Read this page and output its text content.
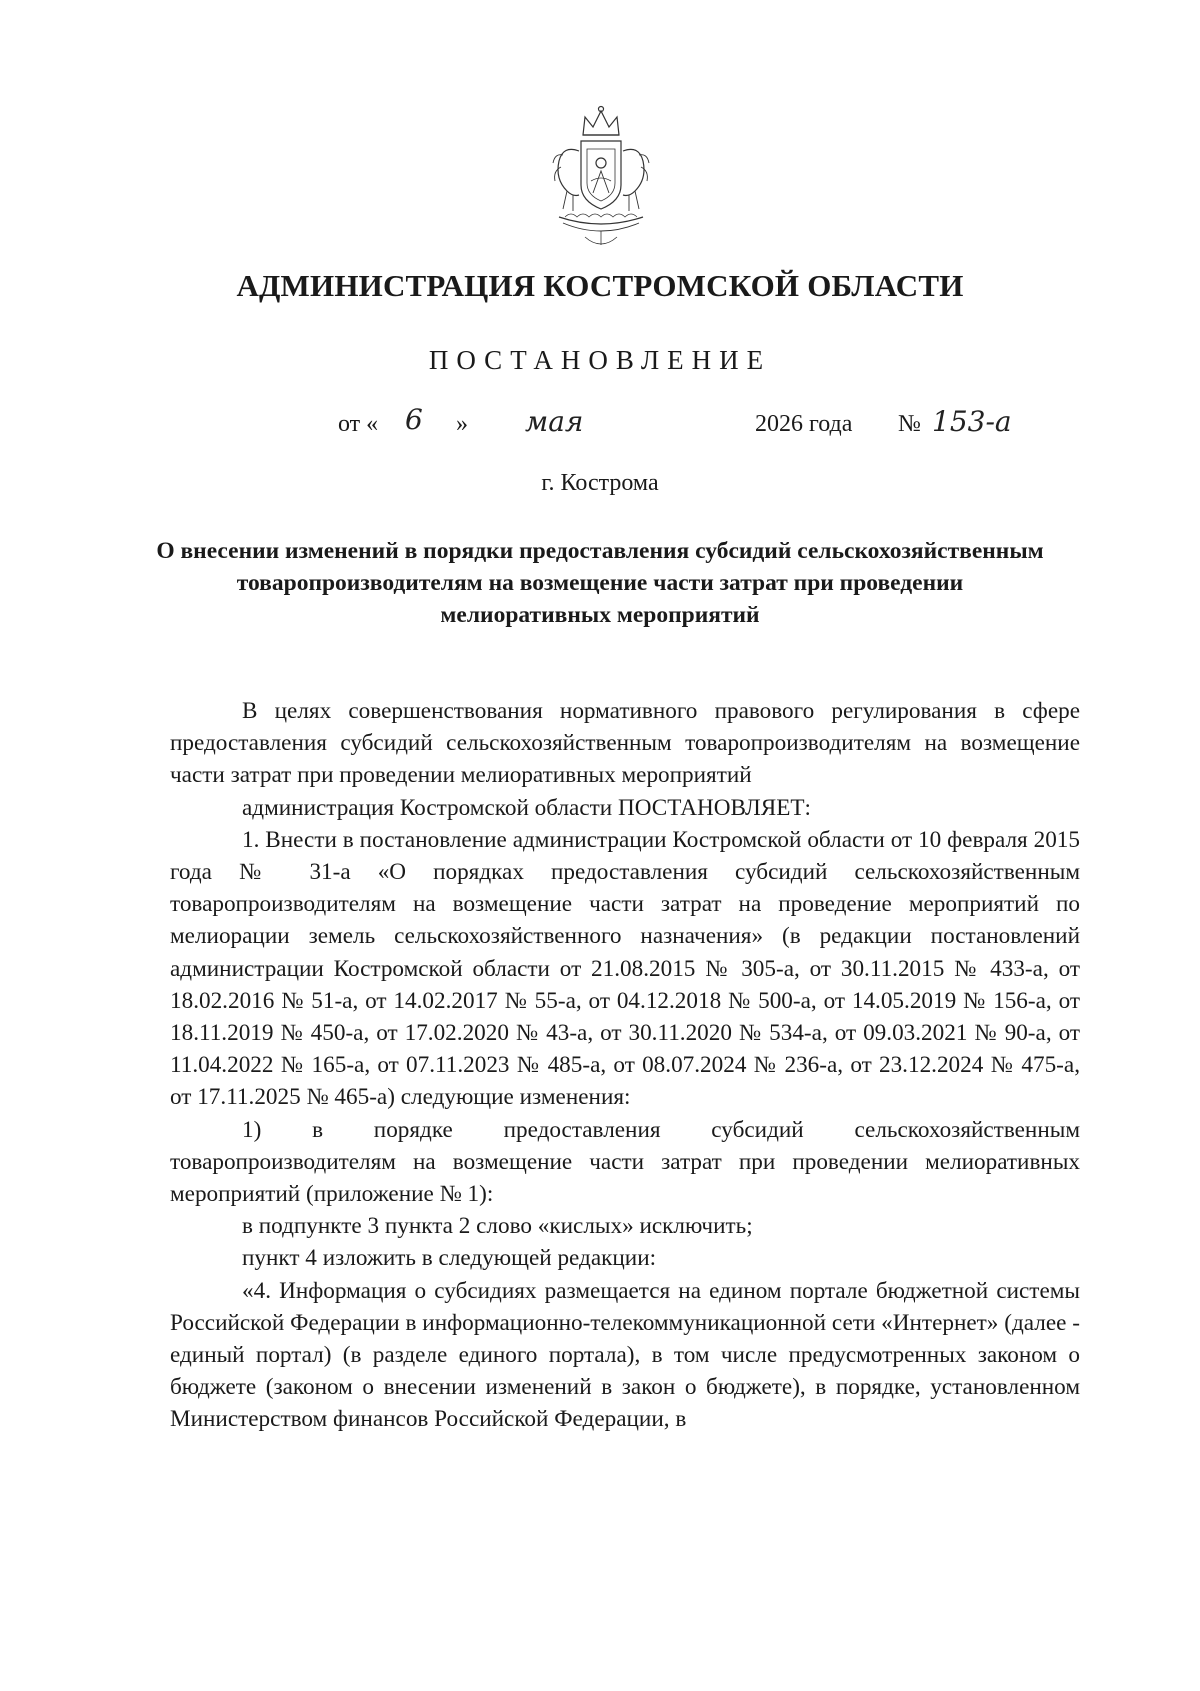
АДМИНИСТРАЦИЯ КОСТРОМСКОЙ ОБЛАСТИ
ПОСТАНОВЛЕНИЕ
от « 6 » мая	2026 года № 153-а
г. Кострома
О внесении изменений в порядки предоставления субсидий сельскохозяйственным товаропроизводителям на возмещение части затрат при проведении мелиоративных мероприятий

В целях совершенствования нормативного правового регулирования в сфере предоставления субсидий сельскохозяйственным товаропроизводителям на возмещение части затрат при проведении мелиоративных мероприятий

администрация Костромской области ПОСТАНОВЛЯЕТ:

1. Внести в постановление администрации Костромской области от 10 февраля 2015 года № 31-а «О порядках предоставления субсидий сельскохозяйственным товаропроизводителям на возмещение части затрат на проведение мероприятий по мелиорации земель сельскохозяйственного назначения» (в редакции постановлений администрации Костромской области от 21.08.2015 № 305-а, от 30.11.2015 № 433-а, от 18.02.2016 № 51-а, от 14.02.2017 № 55-а, от 04.12.2018 № 500-а, от 14.05.2019 № 156-а, от 18.11.2019 № 450-а, от 17.02.2020 № 43-а, от 30.11.2020 № 534-а, от 09.03.2021 № 90-а, от 11.04.2022 № 165-а, от 07.11.2023 № 485-а, от 08.07.2024 № 236-а, от 23.12.2024 № 475-а, от 17.11.2025 № 465-а) следующие изменения:

1) в порядке предоставления субсидий сельскохозяйственным товаропроизводителям на возмещение части затрат при проведении мелиоративных мероприятий (приложение № 1):

в подпункте 3 пункта 2 слово «кислых» исключить;

пункт 4 изложить в следующей редакции:

«4. Информация о субсидиях размещается на едином портале бюджетной системы Российской Федерации в информационно-телекоммуникационной сети «Интернет» (далее - единый портал) (в разделе единого портала), в том числе предусмотренных законом о бюджете (законом о внесении изменений в закон о бюджете), в порядке, установленном Министерством финансов Российской Федерации, в
